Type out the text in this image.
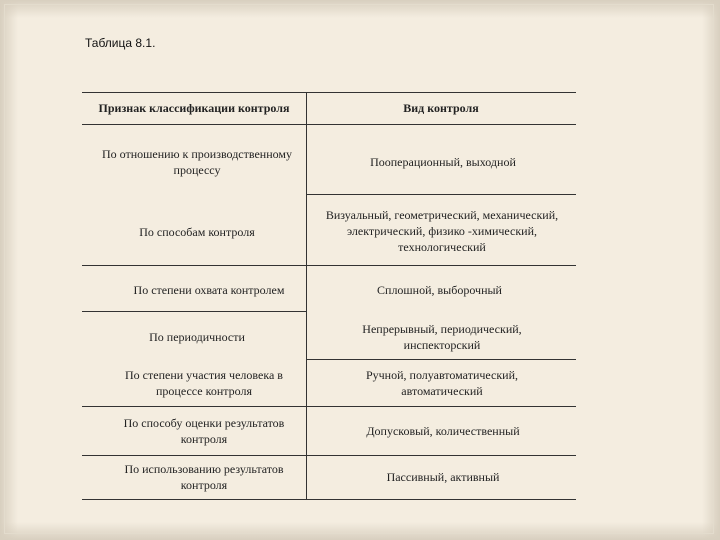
Таблица 8.1.
Признак классификации контроля	Вид контроля
По отношению к производственному процессу
Пооперационный, выходной
По способам контроля
Визуальный, геометрический, механический, электрический, физико -химический, технологический
По степени охвата контролем	Сплошной, выборочный
По периодичности
Непрерывный, периодический, инспекторский
По степени участия человека в процессе контроля
Ручной, полуавтоматический, автоматический
По способу оценки результатов контроля
Допусковый, количественный
По использованию результатов контроля
Пассивный, активный
